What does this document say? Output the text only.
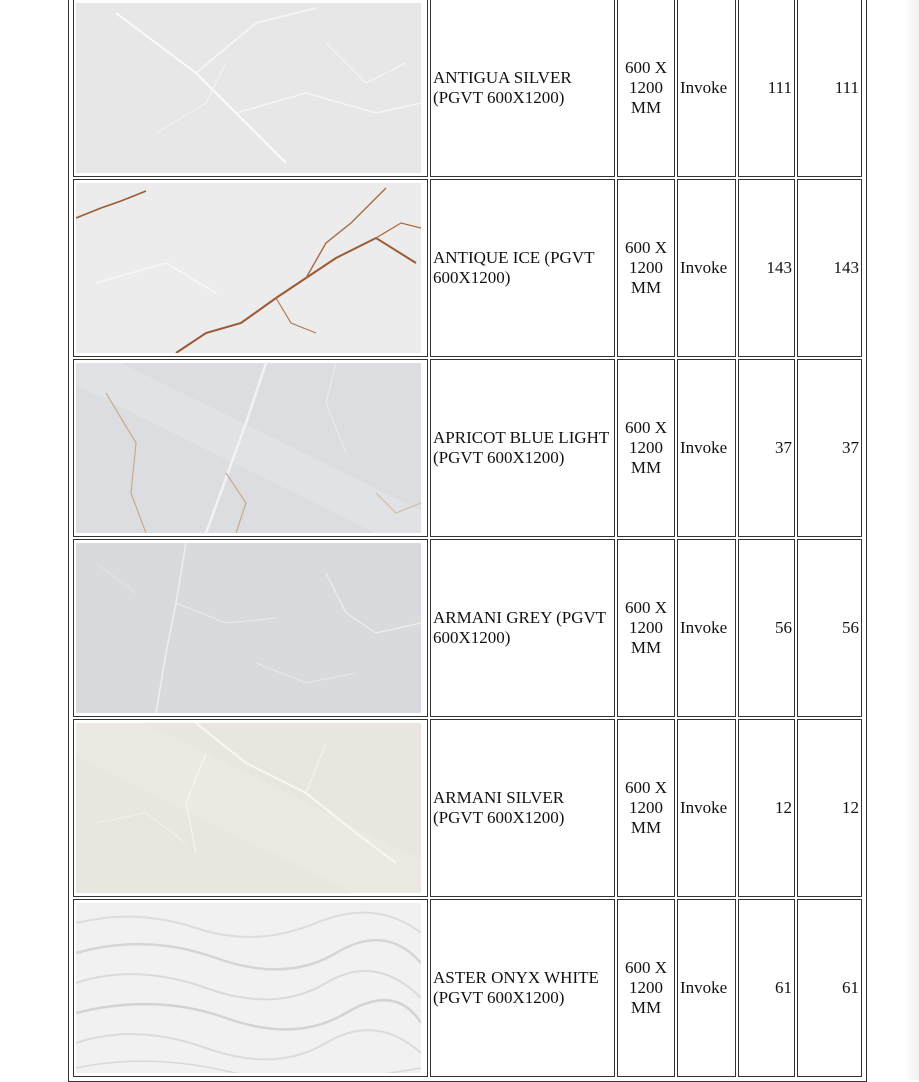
	ANTIGUA SILVER (PGVT 600X1200)	600 X 1200 MM	Invoke	111	111

	ANTIQUE ICE (PGVT 600X1200)	600 X 1200 MM	Invoke	143	143

	APRICOT BLUE LIGHT (PGVT 600X1200)	600 X 1200 MM	Invoke	37	37

	ARMANI GREY (PGVT 600X1200)	600 X 1200 MM	Invoke	56	56

	ARMANI SILVER (PGVT 600X1200)	600 X 1200 MM	Invoke	12	12

	ASTER ONYX WHITE (PGVT 600X1200)	600 X 1200 MM	Invoke	61	61
